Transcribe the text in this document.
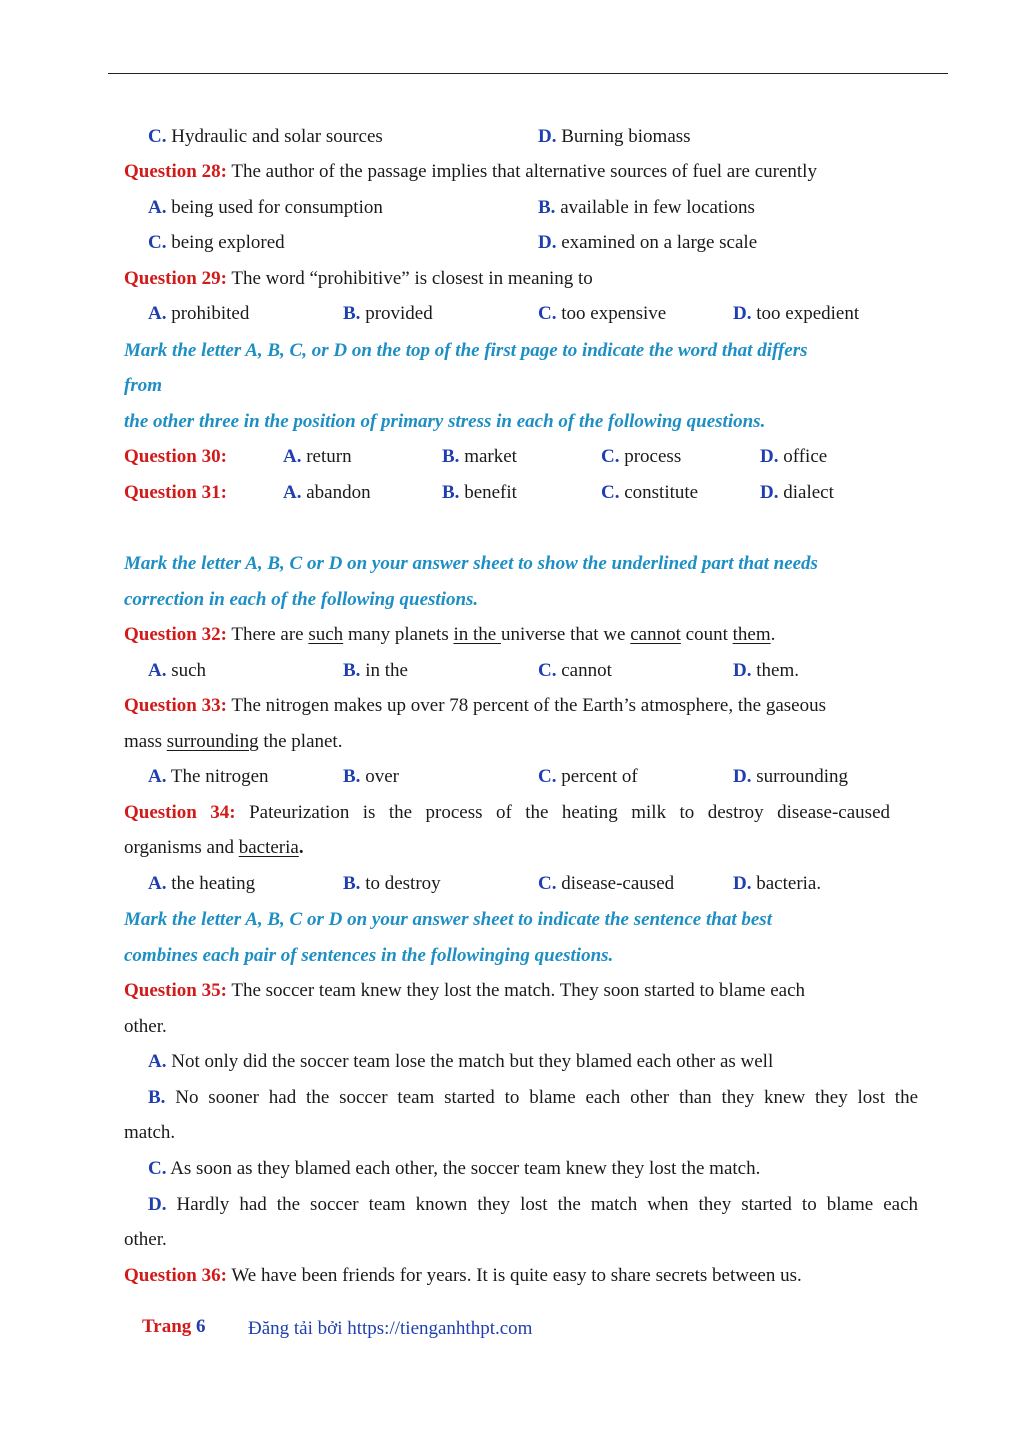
C. Hydraulic and solar sources	D. Burning biomass
Question 28: The author of the passage implies that alternative sources of fuel are curently
A. being used for consumption	B. available in few locations
C. being explored	D. examined on a large scale
Question 29: The word “prohibitive” is closest in meaning to
A. prohibited	B. provided	C. too expensive	D. too expedient
Mark the letter A, B, C, or D on the top of the first page to indicate the word that differs
from
the other three in the position of primary stress in each of the following questions.
Question 30:	A. return	B. market	C. process	D. office
Question 31:	A. abandon	B. benefit	C. constitute	D. dialect
Mark the letter A, B, C or D on your answer sheet to show the underlined part that needs
correction in each of the following questions.
Question 32: There are such many planets in the universe that we cannot count them.
A. such	B. in the	C. cannot	D. them.
Question 33: The nitrogen makes up over 78 percent of the Earth’s atmosphere, the gaseous
mass surrounding the planet.
A. The nitrogen	B. over	C. percent of	D. surrounding
Question 34: Pateurization is the process of the heating milk to destroy disease-caused
organisms and bacteria.
A. the heating	B. to destroy	C. disease-caused	D. bacteria.
Mark the letter A, B, C or D on your answer sheet to indicate the sentence that best
combines each pair of sentences in the followinging questions.
Question 35: The soccer team knew they lost the match. They soon started to blame each
other.
A. Not only did the soccer team lose the match but they blamed each other as well
B. No sooner had the soccer team started to blame each other than they knew they lost the
match.
C. As soon as they blamed each other, the soccer team knew they lost the match.
D. Hardly had the soccer team known they lost the match when they started to blame each
other.
Question 36: We have been friends for years. It is quite easy to share secrets between us.
Trang 6 Đăng tải bởi https://tienganhthpt.com
